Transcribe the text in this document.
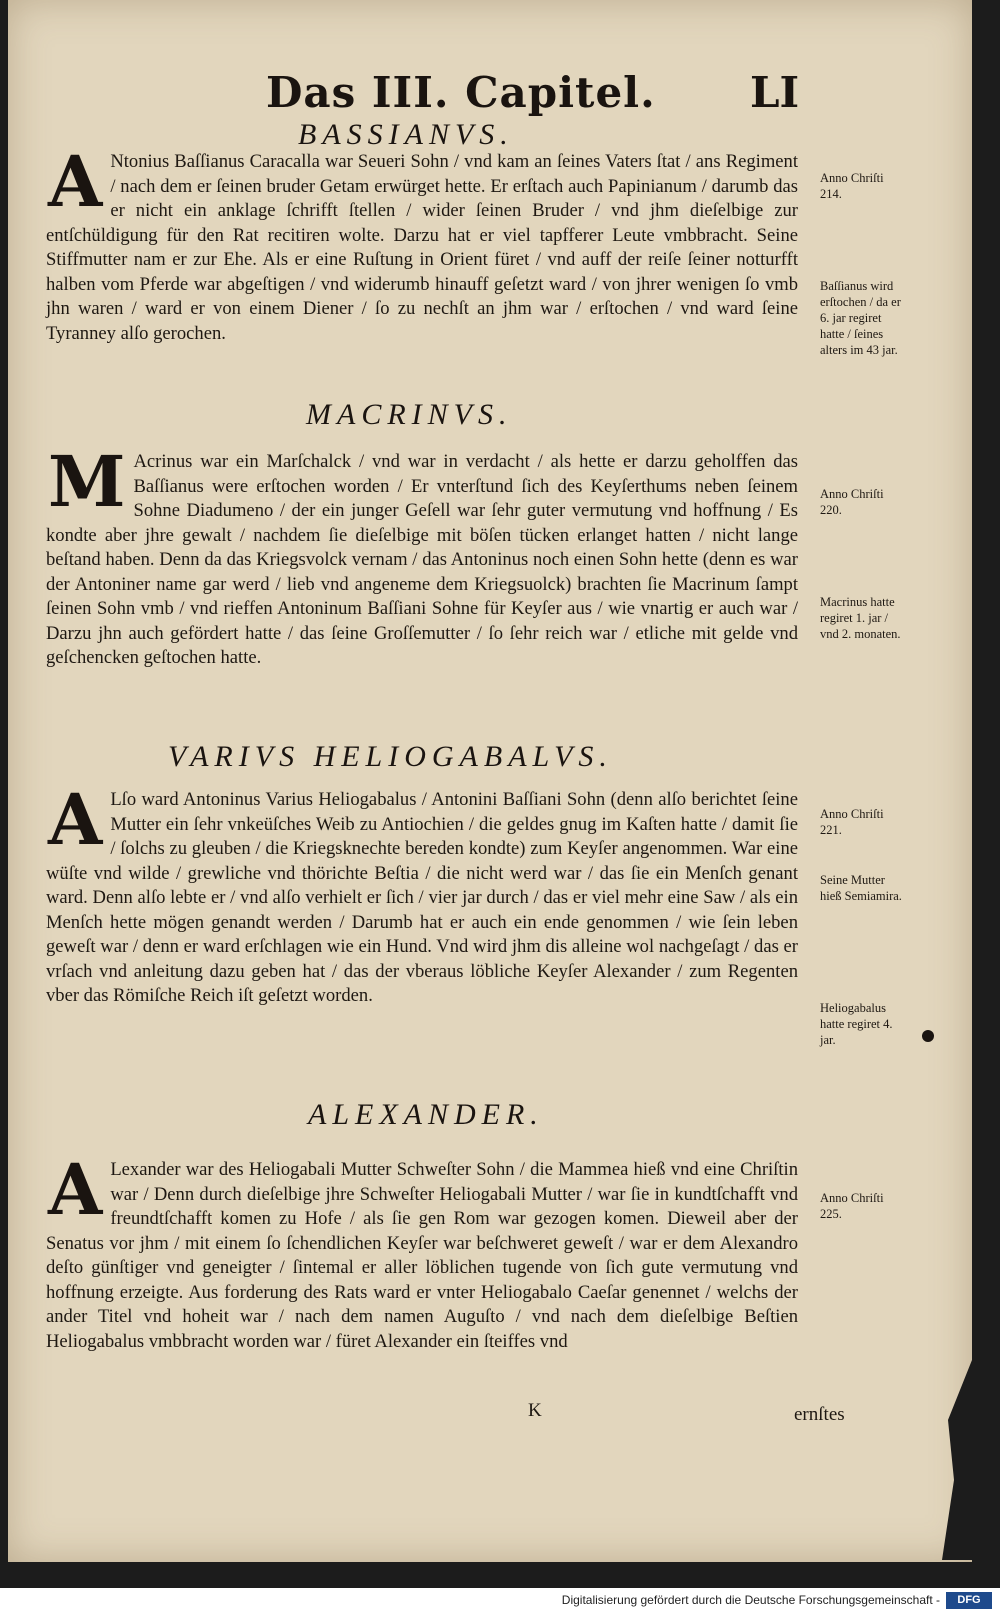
Das III. Capitel. LI
BASSIANVS.
A Ntonius Baſſianus Caracalla war Seueri Sohn / vnd kam an ſeines Vaters ſtat / ans Regiment / nach dem er ſeinen bruder Getam erwürget hette. Er erſtach auch Papinianum / darumb das er nicht ein anklage ſchrifft ſtellen / wider ſeinen Bruder / vnd jhm dieſelbige zur entſchüldigung für den Rat recitiren wolte. Darzu hat er viel tapfferer Leute vmbbracht. Seine Stiffmutter nam er zur Ehe. Als er eine Ruſtung in Orient füret / vnd auff der reiſe ſeiner notturfft halben vom Pferde war abgeſtigen / vnd widerumb hinauff geſetzt ward / von jhrer wenigen ſo vmb jhn waren / ward er von einem Diener / ſo zu nechſt an jhm war / erſtochen / vnd ward ſeine Tyranney alſo gerochen.
Anno Chriſti 214.
Baſſianus wird erſtochen / da er 6. jar regiret hatte / ſeines alters im 43 jar.
MACRINVS.
M Acrinus war ein Marſchalck / vnd war in verdacht / als hette er darzu geholffen das Baſſianus were erſtochen worden / Er vnterſtund ſich des Keyſerthums neben ſeinem Sohne Diadumeno / der ein junger Geſell war ſehr guter vermutung vnd hoffnung / Es kondte aber jhre gewalt / nachdem ſie dieſelbige mit böſen tücken erlanget hatten / nicht lange beſtand haben. Denn da das Kriegsvolck vernam / das Antoninus noch einen Sohn hette (denn es war der Antoniner name gar werd / lieb vnd angeneme dem Kriegsuolck) brachten ſie Macrinum ſampt ſeinen Sohn vmb / vnd rieffen Antoninum Baſſiani Sohne für Keyſer aus / wie vnartig er auch war / Darzu jhn auch gefördert hatte / das ſeine Groſſemutter / ſo ſehr reich war / etliche mit gelde vnd geſchencken geſtochen hatte.
Anno Chriſti 220.
Macrinus hatte regiret 1. jar / vnd 2. monaten.
VARIVS HELIOGABALVS.
A Lſo ward Antoninus Varius Heliogabalus / Antonini Baſſiani Sohn (denn alſo berichtet ſeine Mutter ein ſehr vnkeüſches Weib zu Antiochien / die geldes gnug im Kaſten hatte / damit ſie / ſolchs zu gleuben / die Kriegsknechte bereden kondte) zum Keyſer angenommen. War eine wüſte vnd wilde / grewliche vnd thörichte Beſtia / die nicht werd war / das ſie ein Menſch genant ward. Denn alſo lebte er / vnd alſo verhielt er ſich / vier jar durch / das er viel mehr eine Saw / als ein Menſch hette mögen genandt werden / Darumb hat er auch ein ende genommen / wie ſein leben geweſt war / denn er ward erſchlagen wie ein Hund. Vnd wird jhm dis alleine wol nachgeſagt / das er vrſach vnd anleitung dazu geben hat / das der vberaus löbliche Keyſer Alexander / zum Regenten vber das Römiſche Reich iſt geſetzt worden.
Anno Chriſti 221.
Seine Mutter hieß Semiamira.
Heliogabalus hatte regiret 4. jar.
ALEXANDER.
A Lexander war des Heliogabali Mutter Schweſter Sohn / die Mammea hieß vnd eine Chriſtin war / Denn durch dieſelbige jhre Schweſter Heliogabali Mutter / war ſie in kundtſchafft vnd freundtſchafft komen zu Hofe / als ſie gen Rom war gezogen komen. Dieweil aber der Senatus vor jhm / mit einem ſo ſchendlichen Keyſer war beſchweret geweſt / war er dem Alexandro deſto günſtiger vnd geneigter / ſintemal er aller löblichen tugende von ſich gute vermutung vnd hoffnung erzeigte. Aus forderung des Rats ward er vnter Heliogabalo Caeſar genennet / welchs der ander Titel vnd hoheit war / nach dem namen Auguſto / vnd nach dem dieſelbige Beſtien Heliogabalus vmbbracht worden war / füret Alexander ein ſteiffes vnd
Anno Chriſti 225.
K	ernſtes
Digitalisierung gefördert durch die Deutsche Forschungsgemeinschaft -	DFG
